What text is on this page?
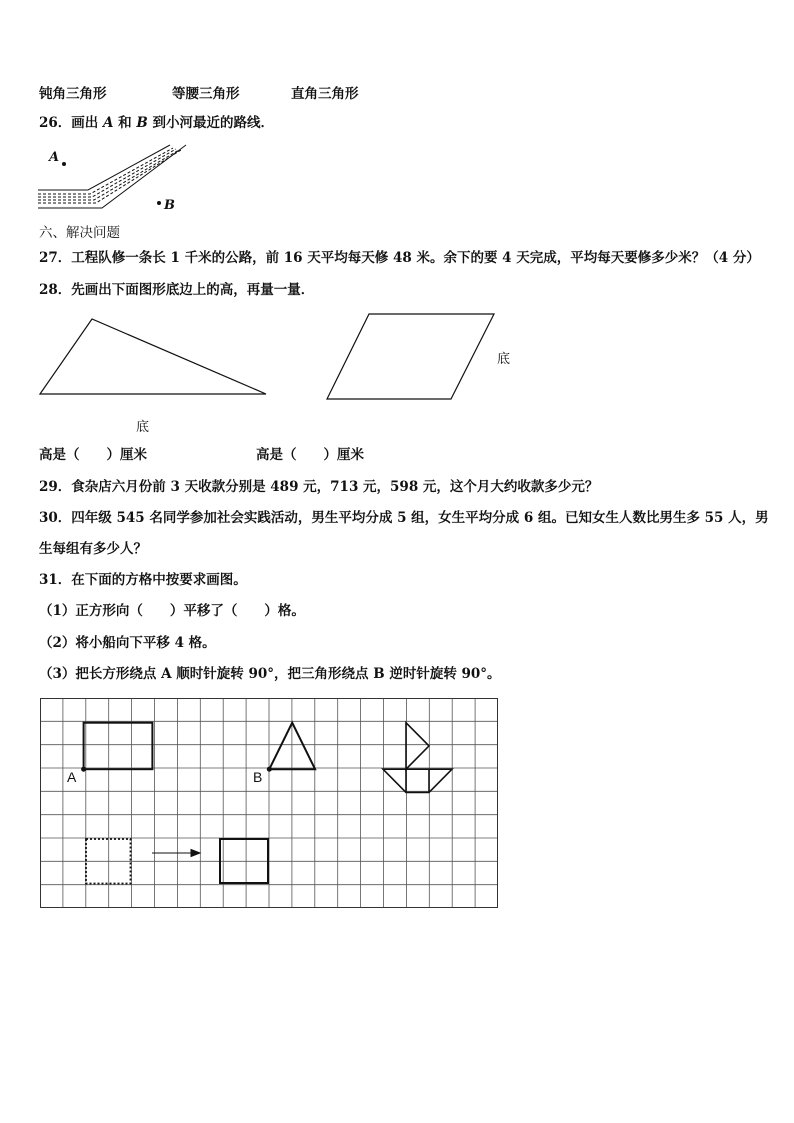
钝角三角形	等腰三角形	直角三角形
26．画出 A 和 B 到小河最近的路线．
A
B
六、解决问题
27．工程队修一条长 1 千米的公路，前 16 天平均每天修 48 米。余下的要 4 天完成，平均每天要修多少米？（4 分）
28．先画出下面图形底边上的高，再量一量．
底
底
高是（　　）厘米	高是（　　）厘米
29．食杂店六月份前 3 天收款分别是 489 元，713 元，598 元，这个月大约收款多少元？
30．四年级 545 名同学参加社会实践活动，男生平均分成 5 组，女生平均分成 6 组。已知女生人数比男生多 55 人，男
生每组有多少人？
31．在下面的方格中按要求画图。
（1）正方形向（　　）平移了（　　）格。
（2）将小船向下平移 4 格。
（3）把长方形绕点 A 顺时针旋转 90°，把三角形绕点 B 逆时针旋转 90°。
A	B
